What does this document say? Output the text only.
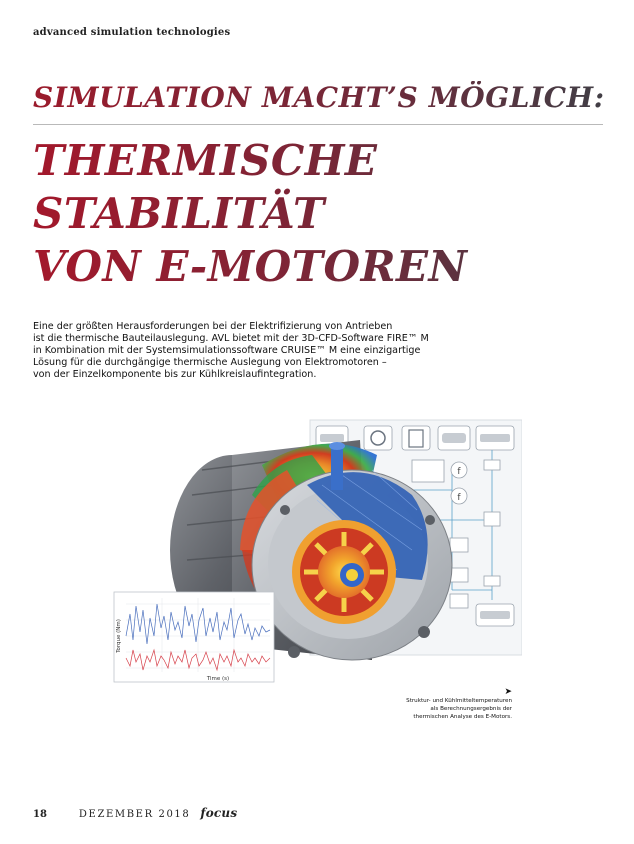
advanced simulation technologies
SIMULATION MACHT’S MÖGLICH:
THERMISCHE
STABILITÄT
VON E-MOTOREN
Eine der größten Herausforderungen bei der Elektrifizierung von Antrieben
ist die thermische Bauteilauslegung. AVL bietet mit der 3D-CFD-Software FIRE™ M
in Kombination mit der Systemsimulationssoftware CRUISE™ M eine einzigartige
Lösung für die durchgängige thermische Auslegung von Elektromotoren –
von der Einzelkomponente bis zur Kühlkreislaufintegration.
f
f
Torque (Nm)
Time (s)
➤
Struktur- und Kühlmitteltemperaturen
als Berechnungsergebnis der
thermischen Analyse des E-Motors.
18	DEZEMBER 2018 focus
